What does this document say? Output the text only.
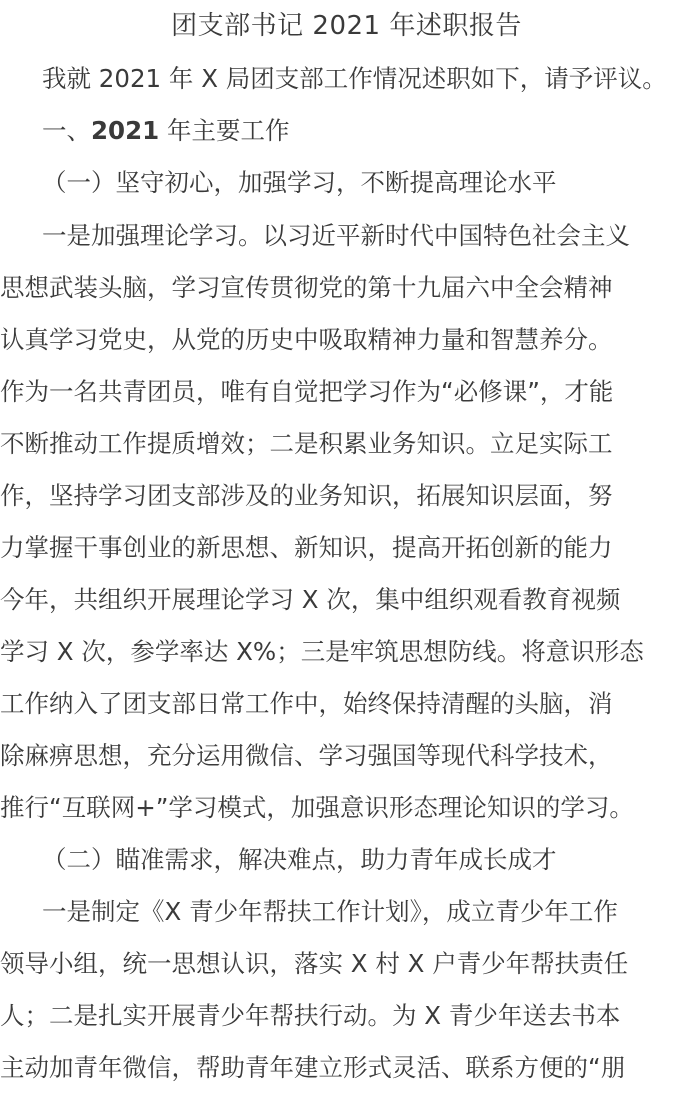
团支部书记 2021 年述职报告
我就 2021 年 X 局团支部工作情况述职如下，请予评议。
一、2021 年主要工作
（一）坚守初心，加强学习，不断提高理论水平
一是加强理论学习。以习近平新时代中国特色社会主义
思想武装头脑，学习宣传贯彻党的第十九届六中全会精神
认真学习党史，从党的历史中吸取精神力量和智慧养分。
作为一名共青团员，唯有自觉把学习作为“必修课”，才能
不断推动工作提质增效；二是积累业务知识。立足实际工
作，坚持学习团支部涉及的业务知识，拓展知识层面，努
力掌握干事创业的新思想、新知识，提高开拓创新的能力
今年，共组织开展理论学习 X 次，集中组织观看教育视频
学习 X 次，参学率达 X%；三是牢筑思想防线。将意识形态
工作纳入了团支部日常工作中，始终保持清醒的头脑，消
除麻痹思想，充分运用微信、学习强国等现代科学技术，
推行“互联网+”学习模式，加强意识形态理论知识的学习。
（二）瞄准需求，解决难点，助力青年成长成才
一是制定《X 青少年帮扶工作计划》，成立青少年工作
领导小组，统一思想认识，落实 X 村 X 户青少年帮扶责任
人；二是扎实开展青少年帮扶行动。为 X 青少年送去书本
主动加青年微信，帮助青年建立形式灵活、联系方便的“朋
